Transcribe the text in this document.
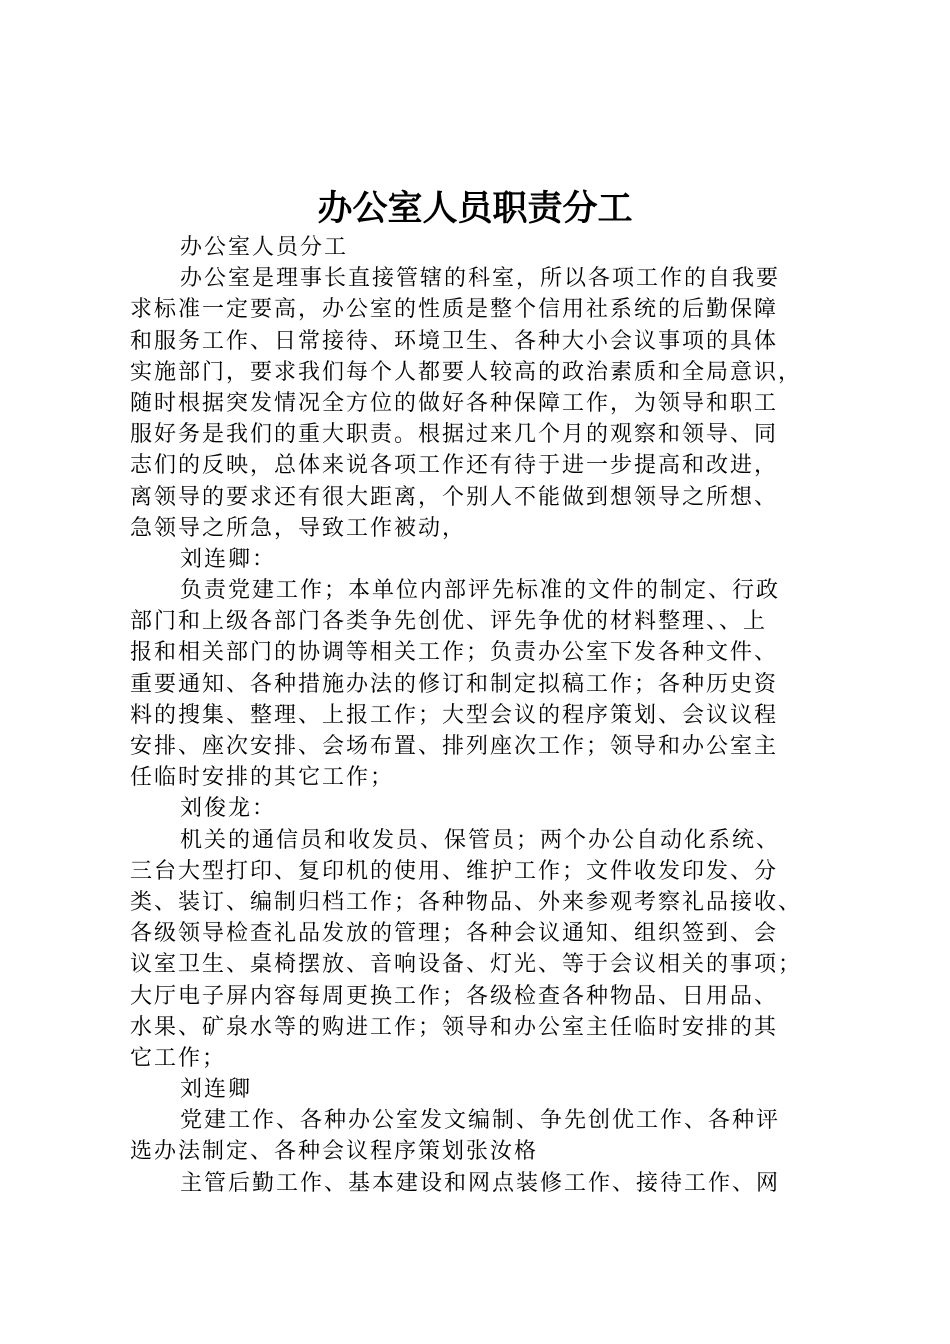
办公室人员职责分工
办公室人员分工
办公室是理事长直接管辖的科室，所以各项工作的自我要
求标准一定要高，办公室的性质是整个信用社系统的后勤保障
和服务工作、日常接待、环境卫生、各种大小会议事项的具体
实施部门，要求我们每个人都要人较高的政治素质和全局意识，
随时根据突发情况全方位的做好各种保障工作，为领导和职工
服好务是我们的重大职责。根据过来几个月的观察和领导、同
志们的反映，总体来说各项工作还有待于进一步提高和改进，
离领导的要求还有很大距离，个别人不能做到想领导之所想、
急领导之所急，导致工作被动，
刘连卿：
负责党建工作；本单位内部评先标准的文件的制定、行政
部门和上级各部门各类争先创优、评先争优的材料整理、、上
报和相关部门的协调等相关工作；负责办公室下发各种文件、
重要通知、各种措施办法的修订和制定拟稿工作；各种历史资
料的搜集、整理、上报工作；大型会议的程序策划、会议议程
安排、座次安排、会场布置、排列座次工作；领导和办公室主
任临时安排的其它工作；
刘俊龙：
机关的通信员和收发员、保管员；两个办公自动化系统、
三台大型打印、复印机的使用、维护工作；文件收发印发、分
类、装订、编制归档工作；各种物品、外来参观考察礼品接收、
各级领导检查礼品发放的管理；各种会议通知、组织签到、会
议室卫生、桌椅摆放、音响设备、灯光、等于会议相关的事项；
大厅电子屏内容每周更换工作；各级检查各种物品、日用品、
水果、矿泉水等的购进工作；领导和办公室主任临时安排的其
它工作；
刘连卿
党建工作、各种办公室发文编制、争先创优工作、各种评
选办法制定、各种会议程序策划张汝格
主管后勤工作、基本建设和网点装修工作、接待工作、网
